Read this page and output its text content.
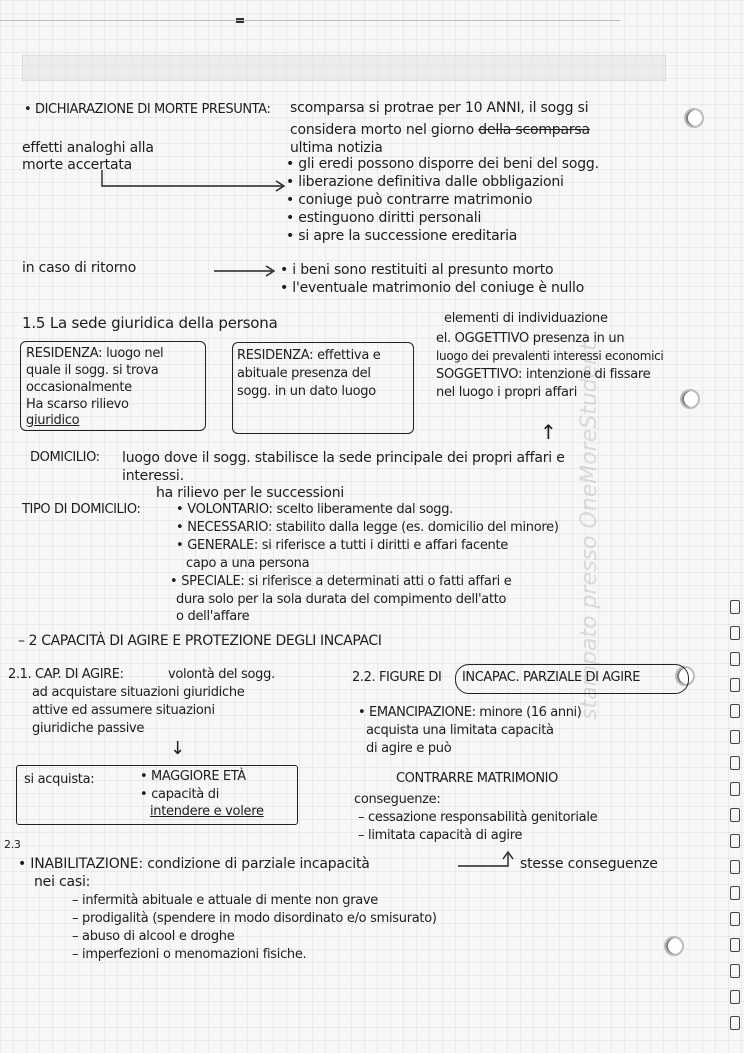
stampato presso OneMoreStudent
• DICHIARAZIONE DI MORTE PRESUNTA: scomparsa si protrae per 10 ANNI, il sogg si
considera morto nel giorno della scomparsa
ultima notizia
effetti analoghi alla
morte accertata	• gli eredi possono disporre dei beni del sogg.
• liberazione definitiva dalle obbligazioni
• coniuge può contrarre matrimonio
• estinguono diritti personali
• si apre la successione ereditaria
in caso di ritorno	• i beni sono restituiti al presunto morto
• l'eventuale matrimonio del coniuge è nullo
1.5 La sede giuridica della persona
RESIDENZA: luogo nel
quale il sogg. si trova
occasionalmente
Ha scarso rilievo
giuridico
RESIDENZA: effettiva e
abituale presenza del
sogg. in un dato luogo
elementi di individuazione
el. OGGETTIVO presenza in un
luogo dei prevalenti interessi economici
SOGGETTIVO: intenzione di fissare
nel luogo i propri affari
↑
DOMICILIO: luogo dove il sogg. stabilisce la sede principale dei propri affari e
interessi.
ha rilievo per le successioni
TIPO DI DOMICILIO:	• VOLONTARIO: scelto liberamente dal sogg.
• NECESSARIO: stabilito dalla legge (es. domicilio del minore)
• GENERALE: si riferisce a tutti i diritti e affari facente
capo a una persona
• SPECIALE: si riferisce a determinati atti o fatti affari e
dura solo per la sola durata del compimento dell'atto
o dell'affare
– 2 CAPACITÀ DI AGIRE E PROTEZIONE DEGLI INCAPACI
2.1. CAP. DI AGIRE:	volontà del sogg.
ad acquistare situazioni giuridiche
attive ed assumere situazioni
giuridiche passive
↓
si acquista:	• MAGGIORE ETÀ
• capacità di
intendere e volere
2.2. FIGURE DI INCAPAC. PARZIALE DI AGIRE
• EMANCIPAZIONE: minore (16 anni)
acquista una limitata capacità
di agire e può
CONTRARRE MATRIMONIO
conseguenze:
– cessazione responsabilità genitoriale
– limitata capacità di agire
2.3
• INABILITAZIONE: condizione di parziale incapacità	stesse conseguenze
nei casi:
– infermità abituale e attuale di mente non grave
– prodigalità (spendere in modo disordinato e/o smisurato)
– abuso di alcool e droghe
– imperfezioni o menomazioni fisiche.
